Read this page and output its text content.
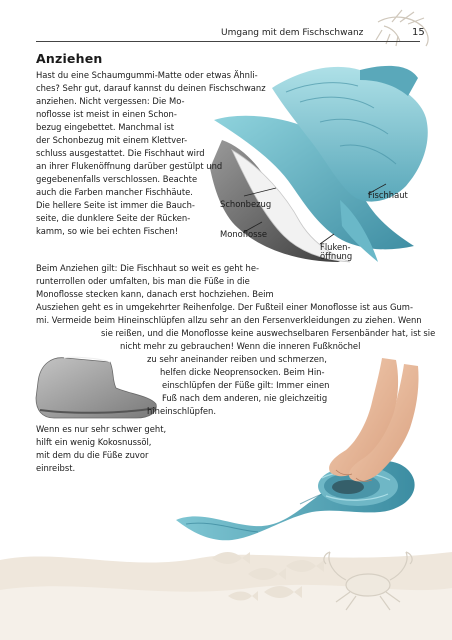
Umgang mit dem Fischschwanz	15
Anziehen
Hast du eine Schaumgummi-Matte oder etwas Ähnli-
ches? Sehr gut, darauf kannst du deinen Fischschwanz
anziehen. Nicht vergessen: Die Mo-
noflosse ist meist in einen Schon-
bezug eingebettet. Manchmal ist
der Schonbezug mit einem Klettver-
schluss ausgestattet. Die Fischhaut wird
an ihrer Flukenöffnung darüber gestülpt und
gegebenenfalls verschlossen. Beachte
auch die Farben mancher Fischhäute.
Die hellere Seite ist immer die Bauch-
seite, die dunklere Seite der Rücken-
kamm, so wie bei echten Fischen!
Schonbezug
Fischhaut
Monoflosse
Fluken-
öffnung
Beim Anziehen gilt: Die Fischhaut so weit es geht he-
runterrollen oder umfalten, bis man die Füße in die
Monoflosse stecken kann, danach erst hochziehen. Beim
Ausziehen geht es in umgekehrter Reihenfolge. Der Fußteil einer Monoflosse ist aus Gum-
mi. Vermeide beim Hineinschlüpfen allzu sehr an den Fersenverkleidungen zu ziehen. Wenn
sie reißen, und die Monoflosse keine auswechselbaren Fersenbänder hat, ist sie
nicht mehr zu gebrauchen! Wenn die inneren Fußknöchel
zu sehr aneinander reiben und schmerzen,
helfen dicke Neoprensocken. Beim Hin-
einschlüpfen der Füße gilt: Immer einen
Fuß nach dem anderen, nie gleichzeitig
hineinschlüpfen.
Wenn es nur sehr schwer geht,
hilft ein wenig Kokosnussöl,
mit dem du die Füße zuvor
einreibst.
